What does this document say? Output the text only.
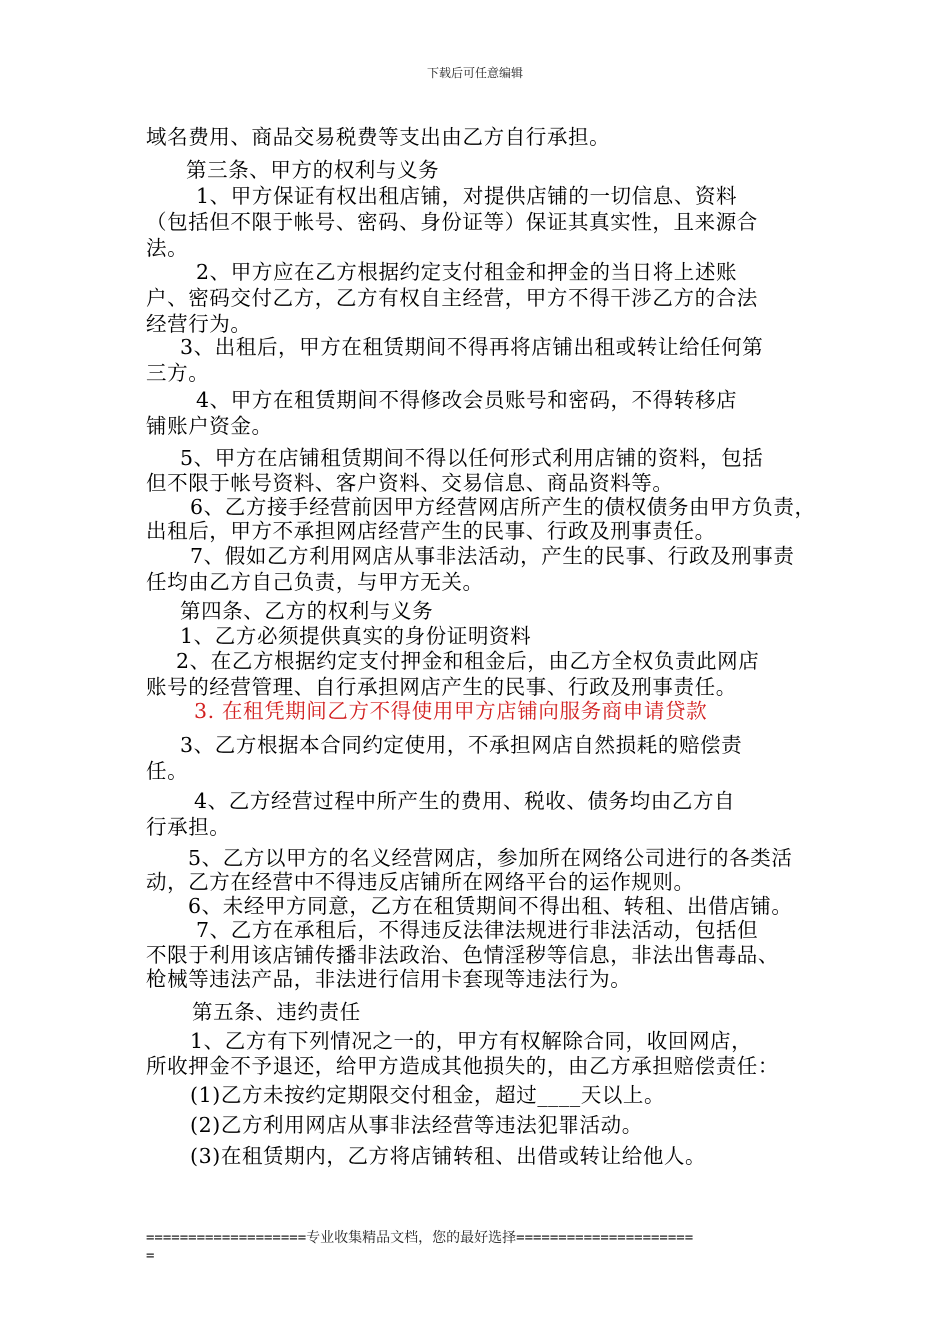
下载后可任意编辑
域名费用、商品交易税费等支出由乙方自行承担。
第三条、甲方的权利与义务
1、甲方保证有权出租店铺，对提供店铺的一切信息、资料
（包括但不限于帐号、密码、身份证等）保证其真实性，且来源合
法。
2、甲方应在乙方根据约定支付租金和押金的当日将上述账
户、密码交付乙方，乙方有权自主经营，甲方不得干涉乙方的合法
经营行为。
3、出租后，甲方在租赁期间不得再将店铺出租或转让给任何第
三方。
4、甲方在租赁期间不得修改会员账号和密码，不得转移店
铺账户资金。
5、甲方在店铺租赁期间不得以任何形式利用店铺的资料，包括
但不限于帐号资料、客户资料、交易信息、商品资料等。
6、乙方接手经营前因甲方经营网店所产生的债权债务由甲方负责，
出租后，甲方不承担网店经营产生的民事、行政及刑事责任。
7、假如乙方利用网店从事非法活动，产生的民事、行政及刑事责
任均由乙方自己负责，与甲方无关。
第四条、乙方的权利与义务
1、乙方必须提供真实的身份证明资料
2、在乙方根据约定支付押金和租金后，由乙方全权负责此网店
账号的经营管理、自行承担网店产生的民事、行政及刑事责任。
3. 在租凭期间乙方不得使用甲方店铺向服务商申请贷款
3、乙方根据本合同约定使用，不承担网店自然损耗的赔偿责
任。
4、乙方经营过程中所产生的费用、税收、债务均由乙方自
行承担。
5、乙方以甲方的名义经营网店，参加所在网络公司进行的各类活
动，乙方在经营中不得违反店铺所在网络平台的运作规则。
6、未经甲方同意，乙方在租赁期间不得出租、转租、出借店铺。
7、乙方在承租后，不得违反法律法规进行非法活动，包括但
不限于利用该店铺传播非法政治、色情淫秽等信息，非法出售毒品、
枪械等违法产品，非法进行信用卡套现等违法行为。
第五条、违约责任
1、乙方有下列情况之一的，甲方有权解除合同，收回网店，
所收押金不予退还，给甲方造成其他损失的，由乙方承担赔偿责任：
(1)乙方未按约定期限交付租金，超过____天以上。
(2)乙方利用网店从事非法经营等违法犯罪活动。
(3)在租赁期内，乙方将店铺转租、出借或转让给他人。
===================专业收集精品文档，您的最好选择=====================
=
